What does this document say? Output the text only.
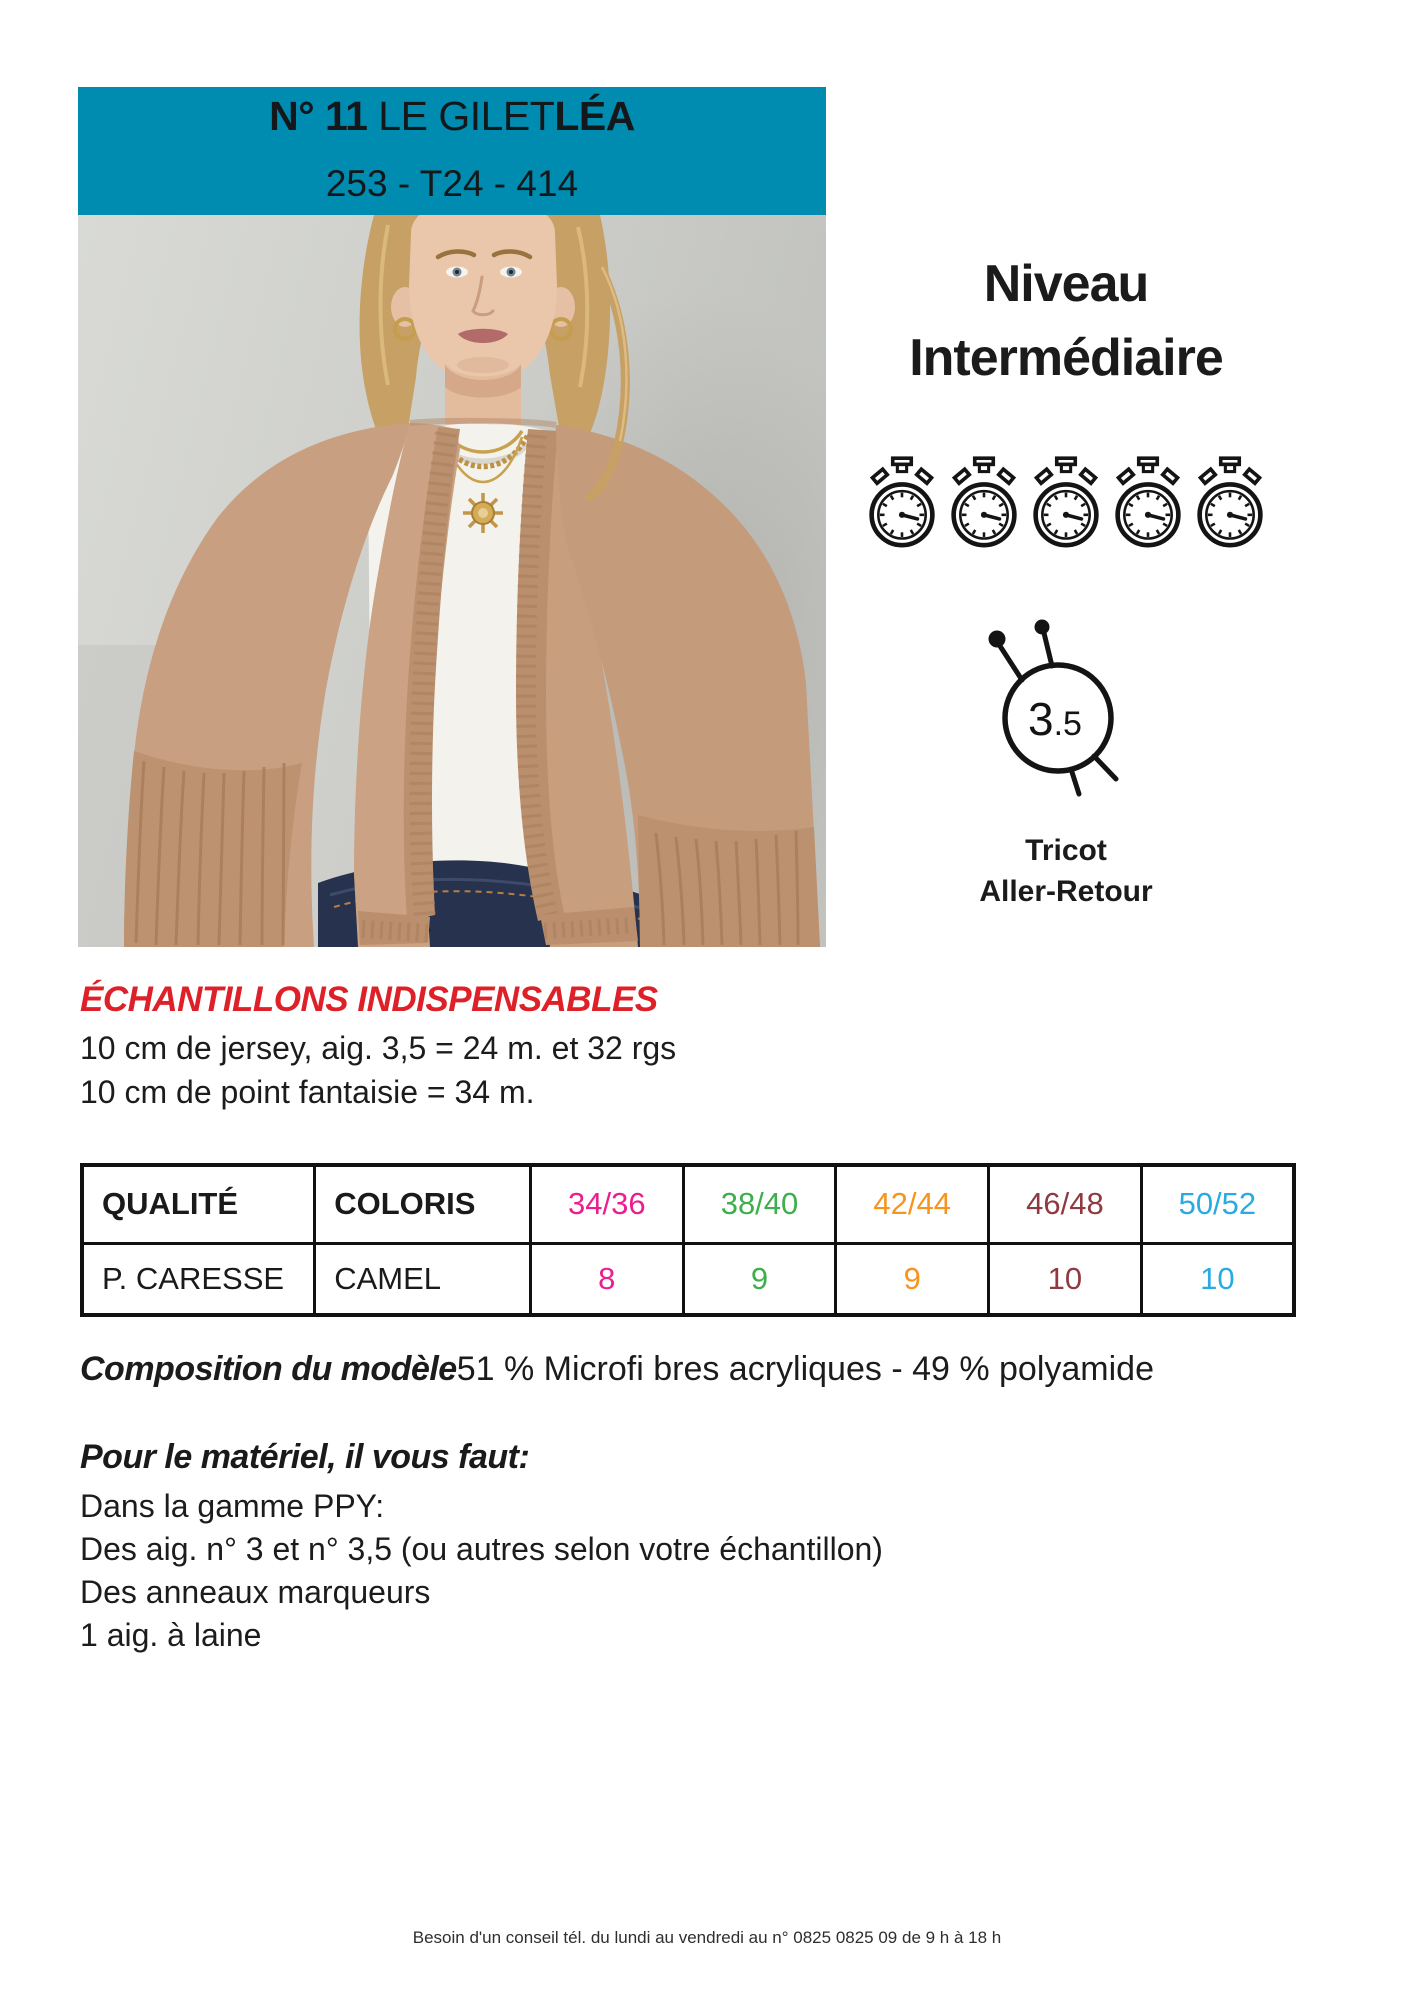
N° 11 LE GILETLÉA
253 - T24 - 414
Niveau
Intermédiaire
3.5
Tricot
Aller-Retour
ÉCHANTILLONS INDISPENSABLES
10 cm de jersey, aig. 3,5 = 24 m. et 32 rgs
10 cm de point fantaisie = 34 m.
QUALITÉ	COLORIS	34/36	38/40	42/44	46/48	50/52
P. CARESSE	CAMEL	8	9	9	10	10
Composition du modèle51 % Microfi bres acryliques - 49 % polyamide
Pour le matériel, il vous faut:
Dans la gamme PPY:
Des aig. n° 3 et n° 3,5 (ou autres selon votre échantillon)
Des anneaux marqueurs
1 aig. à laine
Besoin d'un conseil tél. du lundi au vendredi au n° 0825 0825 09 de 9 h à 18 h
